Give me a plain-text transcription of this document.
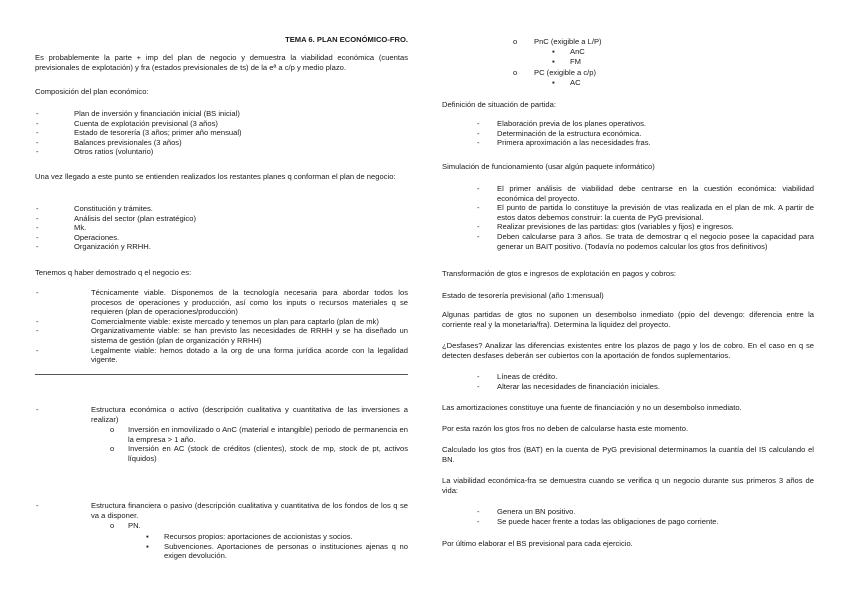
TEMA 6. PLAN ECONÓMICO-FRO.

Es probablemente la parte + imp del plan de negocio y demuestra la viabilidad económica (cuentas previsionales de explotación) y fra (estados previsionales de ts) de la eª a c/p y medio plazo.

Composición del plan económico:

-	Plan de inversión y financiación inicial (BS inicial)
-	Cuenta de explotación previsional (3 años)
-	Estado de tesorería (3 años; primer año mensual)
-	Balances previsionales (3 años)
-	Otros ratios (voluntario)

Una vez llegado a este punto se entienden realizados los restantes planes q conforman el plan de negocio:

-	Constitución y trámites.
-	Análisis del sector (plan estratégico)
-	Mk.
-	Operaciones.
-	Organización y RRHH.

Tenemos q haber demostrado q el negocio es:

-	Técnicamente viable. Disponemos de la tecnología necesaria para abordar todos los procesos de operaciones y producción, así como los inputs o recursos materiales q se requieren (plan de operaciones/producción)
-	Comercialmente viable: existe mercado y tenemos un plan para captarlo (plan de mk)
-	Organizativamente viable: se han previsto las necesidades de RRHH y se ha diseñado un sistema de gestión (plan de organización y RRHH)
-	Legalmente viable: hemos dotado a la org de una forma jurídica acorde con la legalidad vigente.
-	Estructura económica o activo (descripción cualitativa y cuantitativa de las inversiones a realizar)
o Inversión en inmovilizado o AnC (material e intangible) periodo de permanencia en la empresa > 1 año.
o Inversión en AC (stock de créditos (clientes), stock de mp, stock de pt, activos líquidos)
-	Estructura financiera o pasivo (descripción cualitativa y cuantitativa de los fondos de los q se va a disponer.
o PN.
▪ Recursos propios: aportaciones de accionistas y socios.
▪ Subvenciones. Aportaciones de personas o instituciones ajenas q no exigen devolución.
o PnC (exigible a L/P)
▪ AnC
▪ FM
o PC (exigible a c/p)
▪ AC

Definición de situación de partida:

- Elaboración previa de los planes operativos.
- Determinación de la estructura económica.
- Primera aproximación a las necesidades fras.

Simulación de funcionamiento (usar algún paquete informático)

- El primer análisis de viabilidad debe centrarse en la cuestión económica: viabilidad económica del proyecto.
- El punto de partida lo constituye la previsión de vtas realizada en el plan de mk. A partir de estos datos debemos construir: la cuenta de PyG previsional.
- Realizar previsiones de las partidas: gtos (variables y fijos) e ingresos.
- Deben calcularse para 3 años. Se trata de demostrar q el negocio posee la capacidad para generar un BAIT positivo. (Todavía no podemos calcular los gtos fros definitivos)

Transformación de gtos e ingresos de explotación en pagos y cobros:

Estado de tesorería previsional (año 1:mensual)

Algunas partidas de gtos no suponen un desembolso inmediato (ppio del devengo: diferencia entre la corriente real y la monetaria/fra). Determina la liquidez del proyecto.

¿Desfases? Analizar las diferencias existentes entre los plazos de pago y los de cobro. En el caso en q se detecten desfases deberán ser cubiertos con la aportación de fondos suplementarios.

- Líneas de crédito.
- Alterar las necesidades de financiación iniciales.

Las amortizaciones constituye una fuente de financiación y no un desembolso inmediato.

Por esta razón los gtos fros no deben de calcularse hasta este momento.

Calculado los gtos fros (BAT) en la cuenta de PyG previsional determinamos la cuantía del IS calculando el BN.

La viabilidad económica-fra se demuestra cuando se verifica q un negocio durante sus primeros 3 años de vida:

- Genera un BN positivo.
- Se puede hacer frente a todas las obligaciones de pago corriente.

Por último elaborar el BS previsional para cada ejercicio.
